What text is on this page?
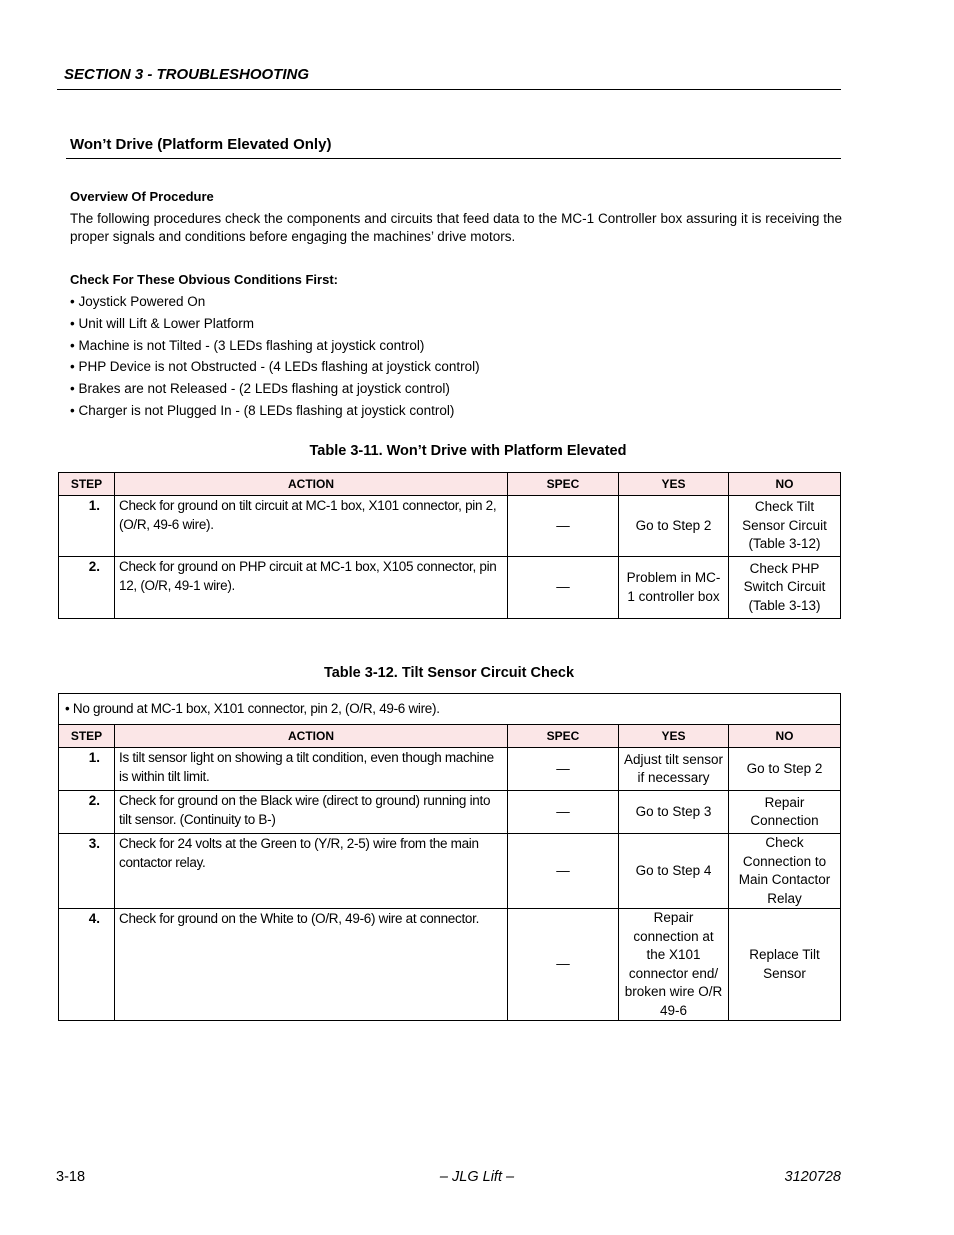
SECTION 3 - TROUBLESHOOTING
Won’t Drive (Platform Elevated Only)
Overview Of Procedure
The following procedures check the components and circuits that feed data to the MC-1 Controller box assuring it is receiving the proper signals and conditions before engaging the machines’ drive motors.
Check For These Obvious Conditions First:
• Joystick Powered On
• Unit will Lift & Lower Platform
• Machine is not Tilted - (3 LEDs flashing at joystick control)
• PHP Device is not Obstructed - (4 LEDs flashing at joystick control)
• Brakes are not Released - (2 LEDs flashing at joystick control)
• Charger is not Plugged In - (8 LEDs flashing at joystick control)
Table 3-11. Won’t Drive with Platform Elevated
STEP	ACTION	SPEC	YES	NO
1.	Check for ground on tilt circuit at MC-1 box, X101 connector, pin 2, (O/R, 49-6 wire).	—	Go to Step 2	Check Tilt Sensor Circuit (Table 3-12)
2.	Check for ground on PHP circuit at MC-1 box, X105 connector, pin 12, (O/R, 49-1 wire).	—	Problem in MC-1 controller box	Check PHP Switch Circuit (Table 3-13)
Table 3-12. Tilt Sensor Circuit Check
• No ground at MC-1 box, X101 connector, pin 2, (O/R, 49-6 wire).				
STEP	ACTION	SPEC	YES	NO
1.	Is tilt sensor light on showing a tilt condition, even though machine is within tilt limit.	—	Adjust tilt sensor if necessary	Go to Step 2
2.	Check for ground on the Black wire (direct to ground) running into tilt sensor. (Continuity to B-)	—	Go to Step 3	Repair Connection
3.	Check for 24 volts at the Green to (Y/R, 2-5) wire from the main contactor relay.	—	Go to Step 4	Check Connection to Main Contactor Relay
4.	Check for ground on the White to (O/R, 49-6) wire at connector.	—	Repair connection at the X101 connector end/ broken wire O/R 49-6	Replace Tilt Sensor
3-18	– JLG Lift –	3120728
